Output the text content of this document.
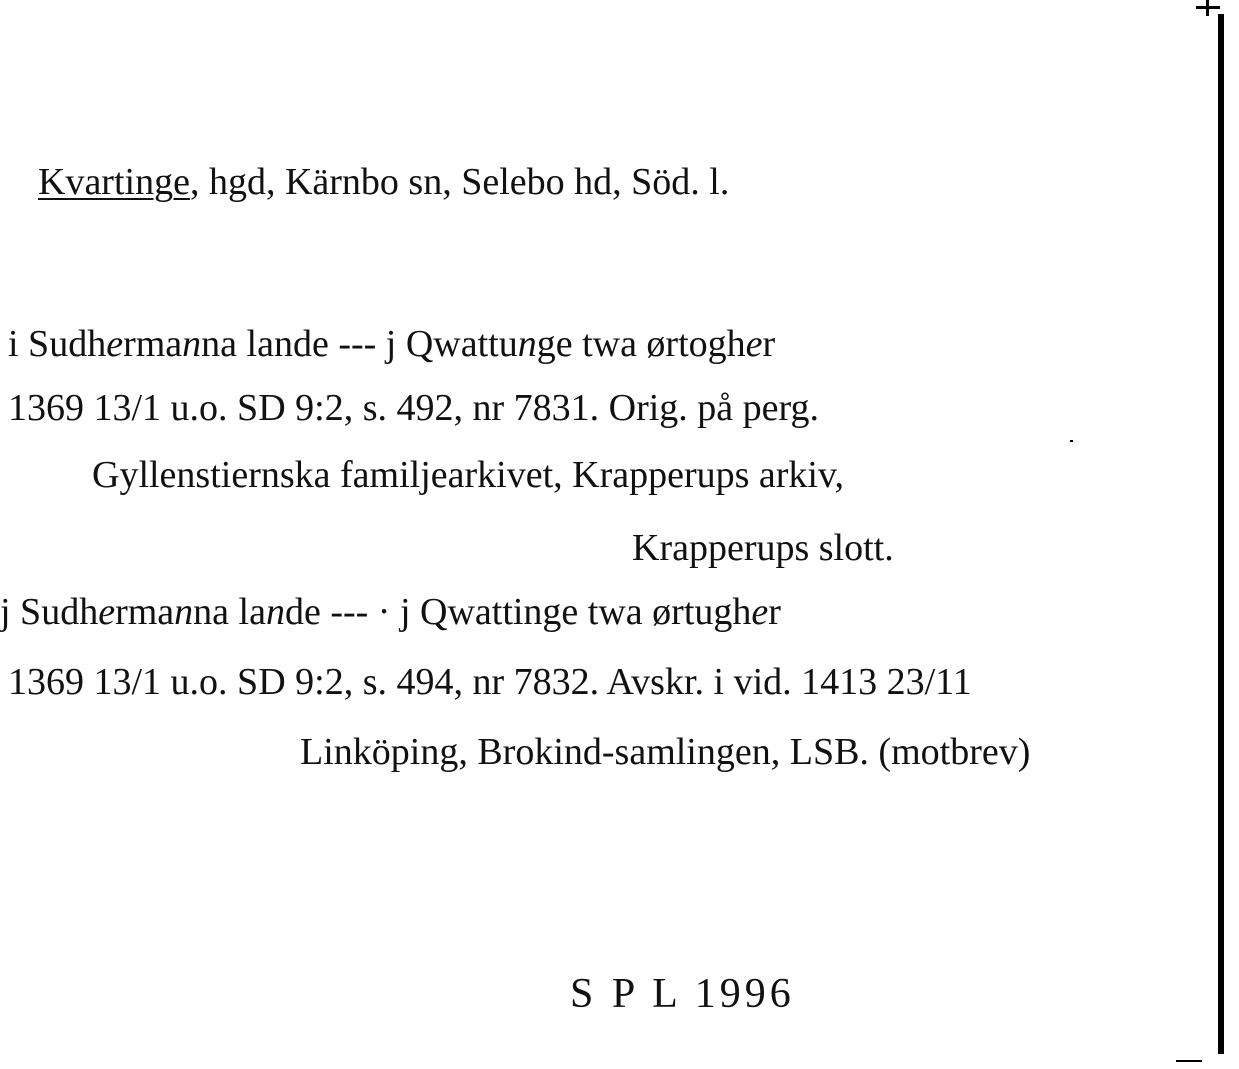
Kvartinge, hgd, Kärnbo sn, Selebo hd, Söd. l.
i Sudhermanna lande --- j Qwattunge twa ørtogher
1369 13/1 u.o. SD 9:2, s. 492, nr 7831. Orig. på perg.
Gyllenstiernska familjearkivet, Krapperups arkiv,
Krapperups slott.
j Sudhermanna lande --- · j Qwattinge twa ørtugher
1369 13/1 u.o. SD 9:2, s. 494, nr 7832. Avskr. i vid. 1413 23/11
Linköping, Brokind-samlingen, LSB. (motbrev)
S P L 1996
